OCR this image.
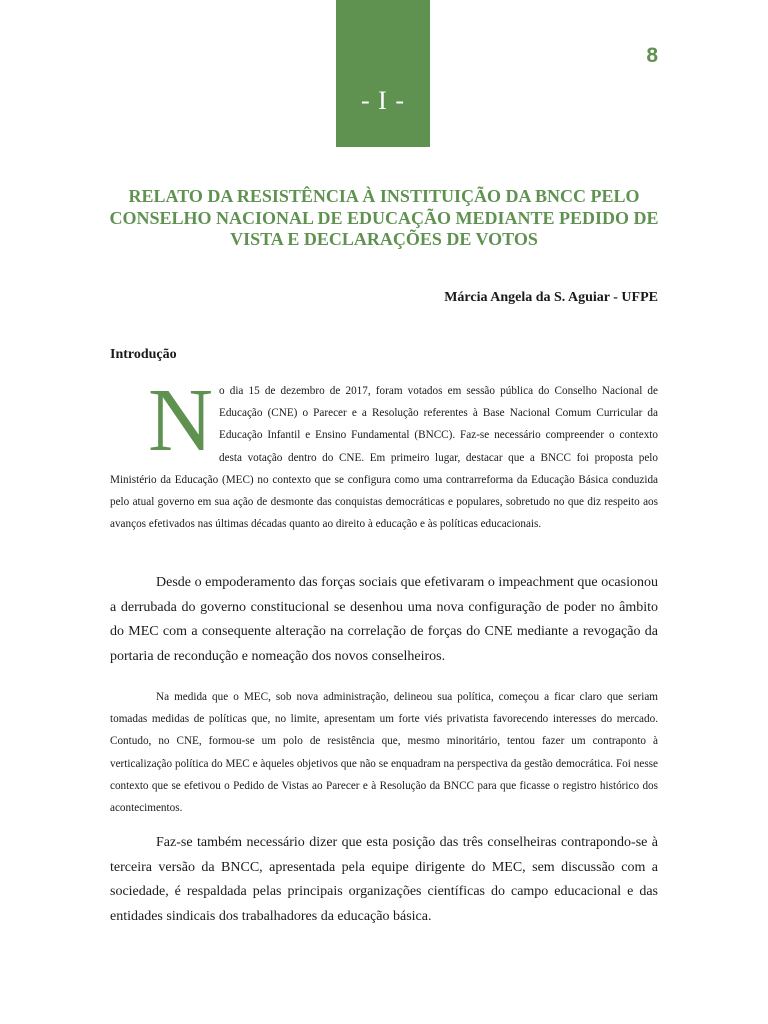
- I -
8
RELATO DA RESISTÊNCIA À INSTITUIÇÃO DA BNCC PELO CONSELHO NACIONAL DE EDUCAÇÃO MEDIANTE PEDIDO DE VISTA E DECLARAÇÕES DE VOTOS
Márcia Angela da S. Aguiar - UFPE
Introdução

No dia 15 de dezembro de 2017, foram votados em sessão pública do Conselho Nacional de Educação (CNE) o Parecer e a Resolução referentes à Base Nacional Comum Curricular da Educação Infantil e Ensino Fundamental (BNCC). Faz-se necessário compreender o contexto desta votação dentro do CNE. Em primeiro lugar, destacar que a BNCC foi proposta pelo Ministério da Educação (MEC) no contexto que se configura como uma contrarreforma da Educação Básica conduzida pelo atual governo em sua ação de desmonte das conquistas democráticas e populares, sobretudo no que diz respeito aos avanços efetivados nas últimas décadas quanto ao direito à educação e às políticas educacionais.

Desde o empoderamento das forças sociais que efetivaram o impeachment que ocasionou a derrubada do governo constitucional se desenhou uma nova configuração de poder no âmbito do MEC com a consequente alteração na correlação de forças do CNE mediante a revogação da portaria de recondução e nomeação dos novos conselheiros.

Na medida que o MEC, sob nova administração, delineou sua política, começou a ficar claro que seriam tomadas medidas de políticas que, no limite, apresentam um forte viés privatista favorecendo interesses do mercado. Contudo, no CNE, formou-se um polo de resistência que, mesmo minoritário, tentou fazer um contraponto à verticalização política do MEC e àqueles objetivos que não se enquadram na perspectiva da gestão democrática. Foi nesse contexto que se efetivou o Pedido de Vistas ao Parecer e à Resolução da BNCC para que ficasse o registro histórico dos acontecimentos.

Faz-se também necessário dizer que esta posição das três conselheiras contrapondo-se à terceira versão da BNCC, apresentada pela equipe dirigente do MEC, sem discussão com a sociedade, é respaldada pelas principais organizações científicas do campo educacional e das entidades sindicais dos trabalhadores da educação básica.
